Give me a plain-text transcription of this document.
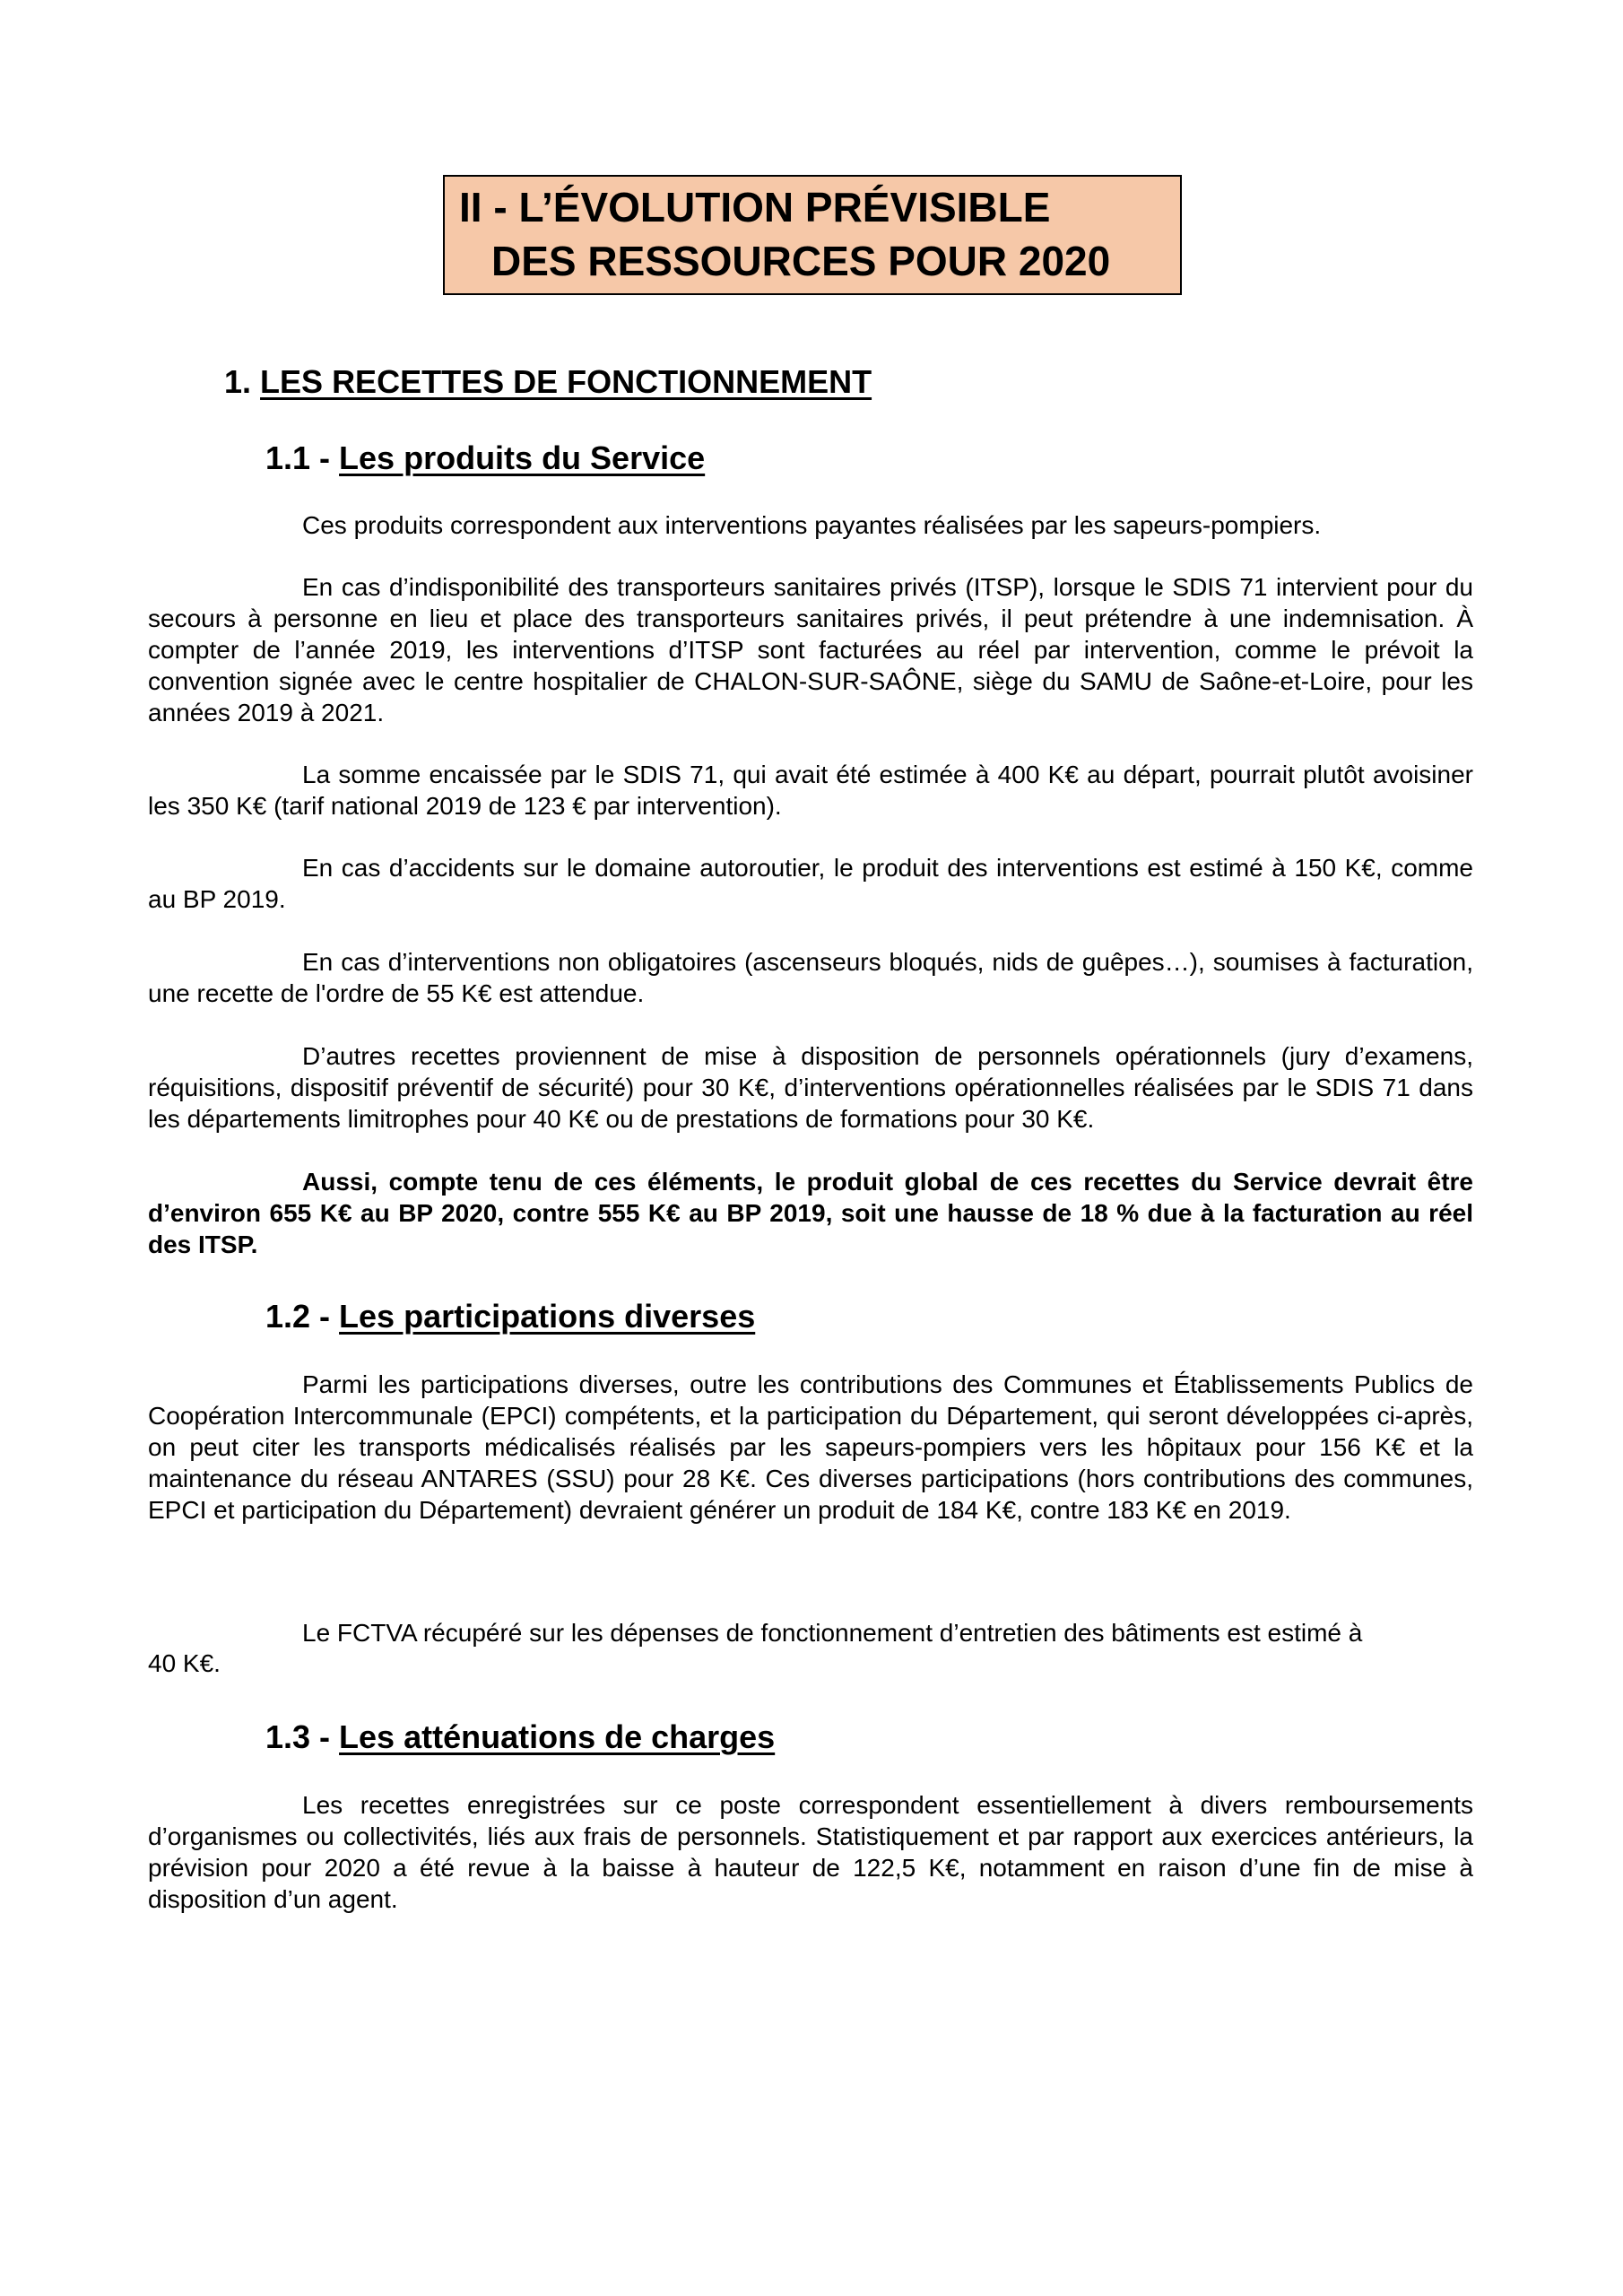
II - L’ÉVOLUTION PRÉVISIBLE
DES RESSOURCES POUR 2020
1. LES RECETTES DE FONCTIONNEMENT
1.1 - Les produits du Service

Ces produits correspondent aux interventions payantes réalisées par les sapeurs-pompiers.

En cas d’indisponibilité des transporteurs sanitaires privés (ITSP), lorsque le SDIS 71 intervient pour du secours à personne en lieu et place des transporteurs sanitaires privés, il peut prétendre à une indemnisation. À compter de l’année 2019, les interventions d’ITSP sont facturées au réel par intervention, comme le prévoit la convention signée avec le centre hospitalier de CHALON-SUR-SAÔNE, siège du SAMU de Saône-et-Loire, pour les années 2019 à 2021.

La somme encaissée par le SDIS 71, qui avait été estimée à 400 K€ au départ, pourrait plutôt avoisiner les 350 K€ (tarif national 2019 de 123 € par intervention).

En cas d’accidents sur le domaine autoroutier, le produit des interventions est estimé à 150 K€, comme au BP 2019.

En cas d’interventions non obligatoires (ascenseurs bloqués, nids de guêpes…), soumises à facturation, une recette de l'ordre de 55 K€ est attendue.

D’autres recettes proviennent de mise à disposition de personnels opérationnels (jury d’examens, réquisitions, dispositif préventif de sécurité) pour 30 K€, d’interventions opérationnelles réalisées par le SDIS 71 dans les départements limitrophes pour 40 K€ ou de prestations de formations pour 30 K€.

Aussi, compte tenu de ces éléments, le produit global de ces recettes du Service devrait être d’environ 655 K€ au BP 2020, contre 555 K€ au BP 2019, soit une hausse de 18 % due à la facturation au réel des ITSP.

1.2 - Les participations diverses

Parmi les participations diverses, outre les contributions des Communes et Établissements Publics de Coopération Intercommunale (EPCI) compétents, et la participation du Département, qui seront développées ci-après, on peut citer les transports médicalisés réalisés par les sapeurs-pompiers vers les hôpitaux pour 156 K€ et la maintenance du réseau ANTARES (SSU) pour 28 K€. Ces diverses participations (hors contributions des communes, EPCI et participation du Département) devraient générer un produit de 184 K€, contre 183 K€ en 2019.

Le FCTVA récupéré sur les dépenses de fonctionnement d’entretien des bâtiments est estimé à

40 K€.

1.3 - Les atténuations de charges

Les recettes enregistrées sur ce poste correspondent essentiellement à divers remboursements d’organismes ou collectivités, liés aux frais de personnels. Statistiquement et par rapport aux exercices antérieurs, la prévision pour 2020 a été revue à la baisse à hauteur de 122,5 K€, notamment en raison d’une fin de mise à disposition d’un agent.
